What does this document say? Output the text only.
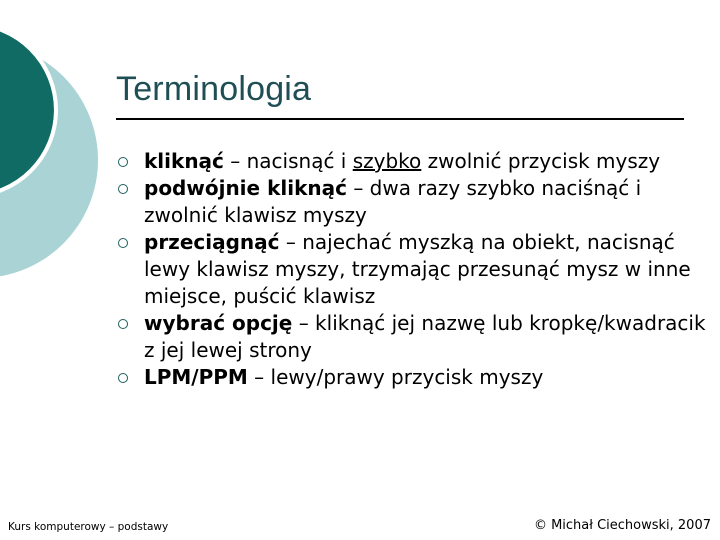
Terminologia
kliknąć – nacisnąć i szybko zwolnić przycisk myszy
podwójnie kliknąć – dwa razy szybko naciśnąć i zwolnić klawisz myszy
przeciągnąć – najechać myszką na obiekt, nacisnąć lewy klawisz myszy, trzymając przesunąć mysz w inne miejsce, puścić klawisz
wybrać opcję – kliknąć jej nazwę lub kropkę/kwadracik z jej lewej strony
LPM/PPM – lewy/prawy przycisk myszy
Kurs komputerowy – podstawy	© Michał Ciechowski, 2007
